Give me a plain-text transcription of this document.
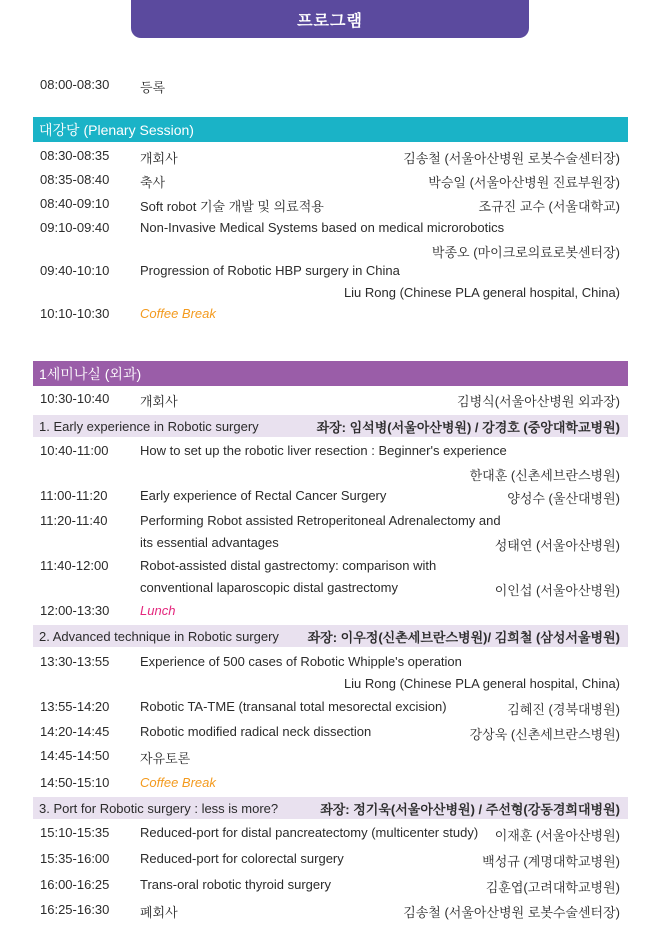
프로그램
08:00-08:30	등록
대강당 (Plenary Session)
08:30-08:35	개회사	김송철 (서울아산병원 로봇수술센터장)
08:35-08:40	축사	박승일 (서울아산병원 진료부원장)
08:40-09:10	Soft robot 기술 개발 및 의료적용	조규진 교수 (서울대학교)
09:10-09:40	Non-Invasive Medical Systems based on medical microrobotics
박종오 (마이크로의료로봇센터장)
09:40-10:10	Progression of Robotic HBP surgery in China
Liu Rong (Chinese PLA general hospital, China)
10:10-10:30	Coffee Break
1세미나실 (외과)
10:30-10:40	개회사	김병식(서울아산병원 외과장)
1. Early experience in Robotic surgery	좌장: 임석병(서울아산병원) / 강경호 (중앙대학교병원)
10:40-11:00	How to set up the robotic liver resection : Beginner's experience
한대훈 (신촌세브란스병원)
11:00-11:20	Early experience of Rectal Cancer Surgery	양성수 (울산대병원)
11:20-11:40	Performing Robot assisted Retroperitoneal Adrenalectomy and
its essential advantages	성태연 (서울아산병원)
11:40-12:00	Robot-assisted distal gastrectomy: comparison with
conventional laparoscopic distal gastrectomy	이인섭 (서울아산병원)
12:00-13:30	Lunch
2. Advanced technique in Robotic surgery	좌장: 이우정(신촌세브란스병원)/ 김희철 (삼성서울병원)
13:30-13:55	Experience of 500 cases of Robotic Whipple's operation
Liu Rong (Chinese PLA general hospital, China)
13:55-14:20	Robotic TA-TME (transanal total mesorectal excision)	김혜진 (경북대병원)
14:20-14:45	Robotic modified radical neck dissection	강상욱 (신촌세브란스병원)
14:45-14:50	자유토론
14:50-15:10	Coffee Break
3. Port for Robotic surgery : less is more?	좌장: 정기욱(서울아산병원) / 주선형(강동경희대병원)
15:10-15:35	Reduced-port for distal pancreatectomy (multicenter study) 이재훈 (서울아산병원)
15:35-16:00	Reduced-port for colorectal surgery	백성규 (계명대학교병원)
16:00-16:25	Trans-oral robotic thyroid surgery	김훈엽(고려대학교병원)
16:25-16:30	폐회사	김송철 (서울아산병원 로봇수술센터장)
